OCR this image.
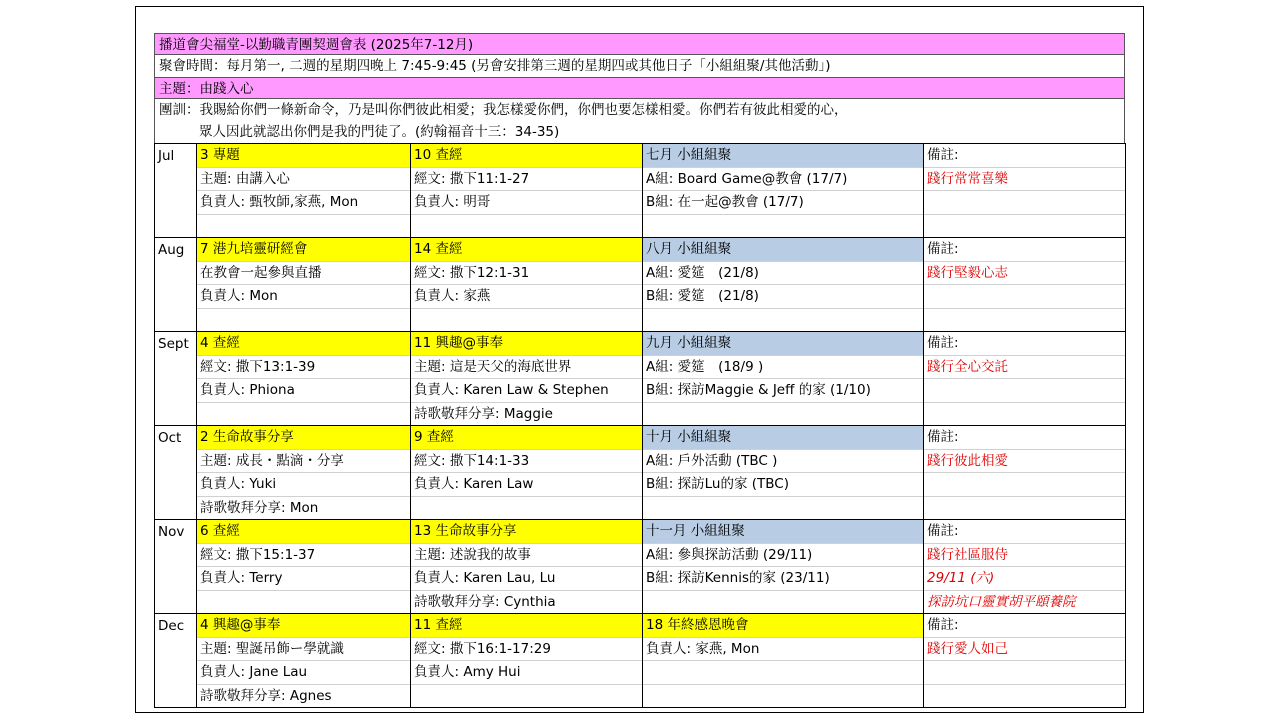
播道會尖福堂-以勤職青團契週會表 (2025年7-12月)
聚會時間：每月第一, 二週的星期四晚上 7:45-9:45 (另會安排第三週的星期四或其他日子「小組組聚/其他活動」)
主題：由踐入心
團訓：我賜給你們一條新命令，乃是叫你們彼此相愛；我怎樣愛你們，你們也要怎樣相愛。你們若有彼此相愛的心，
眾人因此就認出你們是我的門徒了。(約翰福音十三：34-35)
Jul	3 專題	10 查經	七月 小組組聚	備註:
	主題: 由講入心	經文: 撒下11:1-27	A組: Board Game@教會 (17/7)	踐行常常喜樂
	負責人: 甄牧師,家燕, Mon	負責人: 明哥	B組: 在一起@教會 (17/7)	

Aug	7 港九培靈研經會	14 查經	八月 小組組聚	備註:
	在教會一起參與直播	經文: 撒下12:1-31	A組: 愛筵　(21/8)	踐行堅毅心志
	負責人: Mon	負責人: 家燕	B組: 愛筵　(21/8)	

Sept	4 查經	11 興趣@事奉	九月 小組組聚	備註:
	經文: 撒下13:1-39	主題: 這是天父的海底世界	A組: 愛筵　(18/9 )	踐行全心交託
	負責人: Phiona	負責人: Karen Law & Stephen	B組: 探訪Maggie & Jeff 的家 (1/10)	
		詩歌敬拜分享: Maggie		
Oct	2 生命故事分享	9 查經	十月 小組組聚	備註:
	主題: 成長・點滴・分享	經文: 撒下14:1-33	A組: 戶外活動 (TBC )	踐行彼此相愛
	負責人: Yuki	負責人: Karen Law	B組: 探訪Lu的家 (TBC)	
	詩歌敬拜分享: Mon			
Nov	6 查經	13 生命故事分享	十一月 小組組聚	備註:
	經文: 撒下15:1-37	主題: 述說我的故事	A組: 參與探訪活動 (29/11)	踐行社區服侍
	負責人: Terry	負責人: Karen Lau, Lu	B組: 探訪Kennis的家 (23/11)	29/11 (六)
		詩歌敬拜分享: Cynthia		探訪坑口靈實胡平頤養院
Dec	4 興趣@事奉	11 查經	18 年終感恩晚會	備註:
	主題: 聖誕吊飾ー學就識	經文: 撒下16:1-17:29	負責人: 家燕, Mon	踐行愛人如己
	負責人: Jane Lau	負責人: Amy Hui		
	詩歌敬拜分享: Agnes			
